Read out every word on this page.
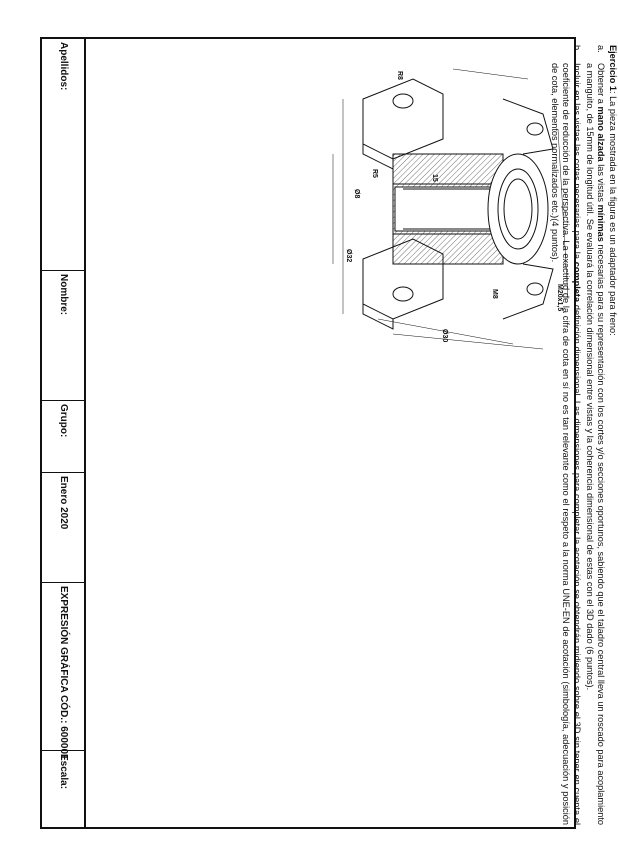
Apellidos:
Nombre:
Grupo:
Enero 2020
EXPRESIÓN GRÁFICA CÓD.: 600001
Escala:

Ejercicio 1: La pieza mostrada en la figura es un adaptador para freno:

a.

Obtener a mano alzada las vistas mínimas necesarias para su representación con los cortes y/o secciones oportunos, sabiendo que el taladro central lleva un roscado para acoplamiento a manguito, de 15mm de longitud útil. Se evaluará la correlación dimensional entre vistas y la coherencia dimensional de estas con el 3D dado (6 puntos).

b.

Incluir en las vistas las cotas necesarias para la completa definición dimensional. Las dimensiones para completar la acotación se obtendrán midiendo sobre el 3D sin tener en cuenta el coeficiente de reducción de la perspectiva. La exactitud de la cifra de cota en sí no es tan relevante como el respeto a la norma UNE-EN de acotación (simbología, adecuación y posición de cota, elementos normalizados etc.)(4 puntos).

R8
R5
Ø8
Ø32
Ø30
M8	M20x1,5
15
